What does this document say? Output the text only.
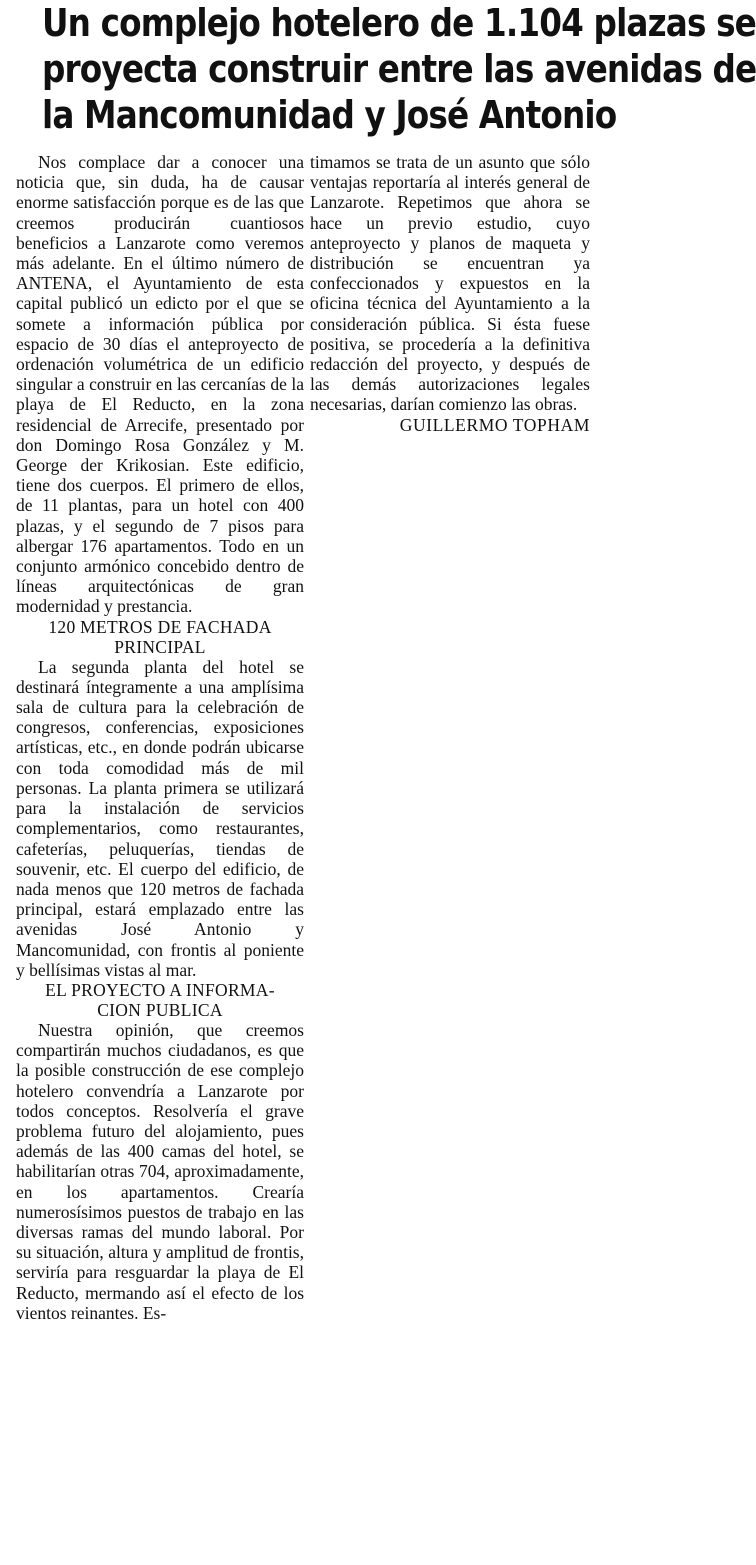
Un complejo hotelero de 1.104 plazas se
proyecta construir entre las avenidas de
la Mancomunidad y José Antonio

Nos complace dar a conocer una noticia que, sin duda, ha de causar enorme satisfacción porque es de las que creemos producirán cuantiosos beneficios a Lanzarote como veremos más adelante. En el último número de ANTENA, el Ayuntamiento de esta capital publicó un edicto por el que se somete a información pública por espacio de 30 días el anteproyecto de ordenación volumétrica de un edificio singular a construir en las cercanías de la playa de El Reducto, en la zona residencial de Arrecife, presentado por don Domingo Rosa González y M. George der Krikosian. Este edificio, tiene dos cuerpos. El primero de ellos, de 11 plantas, para un hotel con 400 plazas, y el segundo de 7 pisos para albergar 176 apartamentos. Todo en un conjunto armónico concebido dentro de líneas arquitectónicas de gran modernidad y prestancia.

120 METROS DE FACHADA
PRINCIPAL

La segunda planta del hotel se destinará íntegramente a una amplísima sala de cultura para la celebración de congresos, conferencias, exposiciones artísticas, etc., en donde podrán ubicarse con toda comodidad más de mil personas. La planta primera se utilizará para la instalación de servicios complementarios, como restaurantes, cafeterías, peluquerías, tiendas de souvenir, etc. El cuerpo del edificio, de nada menos que 120 metros de fachada principal, estará emplazado entre las avenidas José Antonio y Mancomunidad, con frontis al poniente y bellísimas vistas al mar.

EL PROYECTO A INFORMA-
CION PUBLICA

Nuestra opinión, que creemos compartirán muchos ciudadanos, es que la posible construcción de ese complejo hotelero convendría a Lanzarote por todos conceptos. Resolvería el grave problema futuro del alojamiento, pues además de las 400 camas del hotel, se habilitarían otras 704, aproximadamente, en los apartamentos. Crearía numerosísimos puestos de trabajo en las diversas ramas del mundo laboral. Por su situación, altura y amplitud de frontis, serviría para resguardar la playa de El Reducto, mermando así el efecto de los vientos reinantes. Es-

timamos se trata de un asunto que sólo ventajas reportaría al interés general de Lanzarote. Repetimos que ahora se hace un previo estudio, cuyo anteproyecto y planos de maqueta y distribución se encuentran ya confeccionados y expuestos en la oficina técnica del Ayuntamiento a la consideración pública. Si ésta fuese positiva, se procedería a la definitiva redacción del proyecto, y después de las demás autorizaciones legales necesarias, darían comienzo las obras.

GUILLERMO TOPHAM
